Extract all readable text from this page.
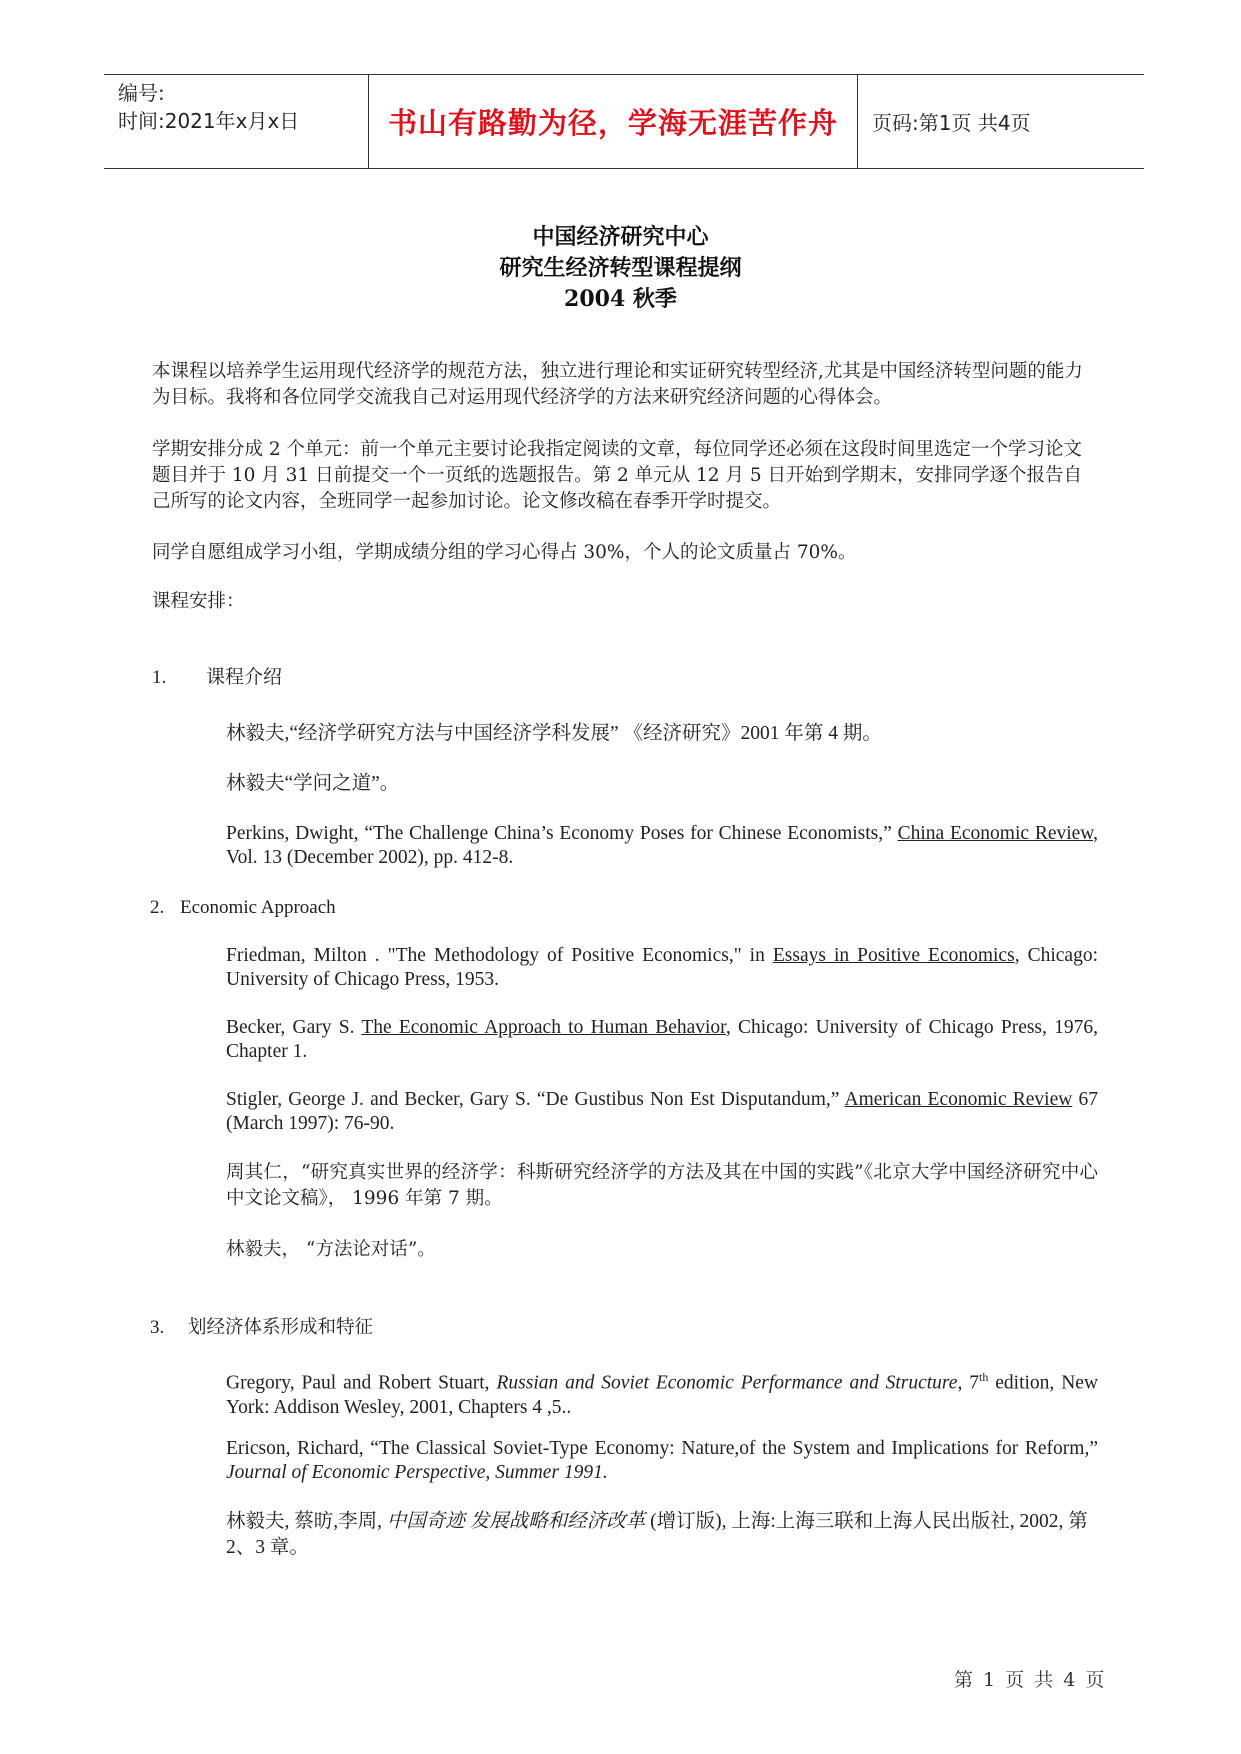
编号:
时间:2021年x月x日	书山有路勤为径，学海无涯苦作舟 页码:第1页 共4页
中国经济研究中心
研究生经济转型课程提纲
2004 秋季

本课程以培养学生运用现代经济学的规范方法，独立进行理论和实证研究转型经济,尤其是中国经济转型问题的能力为目标。我将和各位同学交流我自己对运用现代经济学的方法来研究经济问题的心得体会。

学期安排分成 2 个单元：前一个单元主要讨论我指定阅读的文章，每位同学还必须在这段时间里选定一个学习论文题目并于 10 月 31 日前提交一个一页纸的选题报告。第 2 单元从 12 月 5 日开始到学期末，安排同学逐个报告自己所写的论文内容，全班同学一起参加讨论。论文修改稿在春季开学时提交。

同学自愿组成学习小组，学期成绩分组的学习心得占 30%，个人的论文质量占 70%。

课程安排：

1. 课程介绍

林毅夫,“经济学研究方法与中国经济学科发展” 《经济研究》2001 年第 4 期。

林毅夫“学问之道”。

Perkins, Dwight, “The Challenge China’s Economy Poses for Chinese Economists,” China Economic Review, Vol. 13 (December 2002), pp. 412-8.

2. Economic Approach

Friedman, Milton . "The Methodology of Positive Economics," in Essays in Positive Economics, Chicago: University of Chicago Press, 1953.

Becker, Gary S. The Economic Approach to Human Behavior, Chicago: University of Chicago Press, 1976, Chapter 1.

Stigler, George J. and Becker, Gary S. “De Gustibus Non Est Disputandum,” American Economic Review 67 (March 1997): 76-90.

周其仁，“研究真实世界的经济学：科斯研究经济学的方法及其在中国的实践”《北京大学中国经济研究中心中文论文稿》， 1996 年第 7 期。

林毅夫， “方法论对话”。

3. 划经济体系形成和特征

Gregory, Paul and Robert Stuart, Russian and Soviet Economic Performance and Structure, 7th edition, New York: Addison Wesley, 2001, Chapters 4 ,5..

Ericson, Richard, “The Classical Soviet-Type Economy: Nature,of the System and Implications for Reform,” Journal of Economic Perspective, Summer 1991.

林毅夫, 蔡昉,李周, 中国奇迹 发展战略和经济改革 (增订版), 上海:上海三联和上海人民出版社, 2002, 第 2、3 章。

第 1 页 共 4 页
